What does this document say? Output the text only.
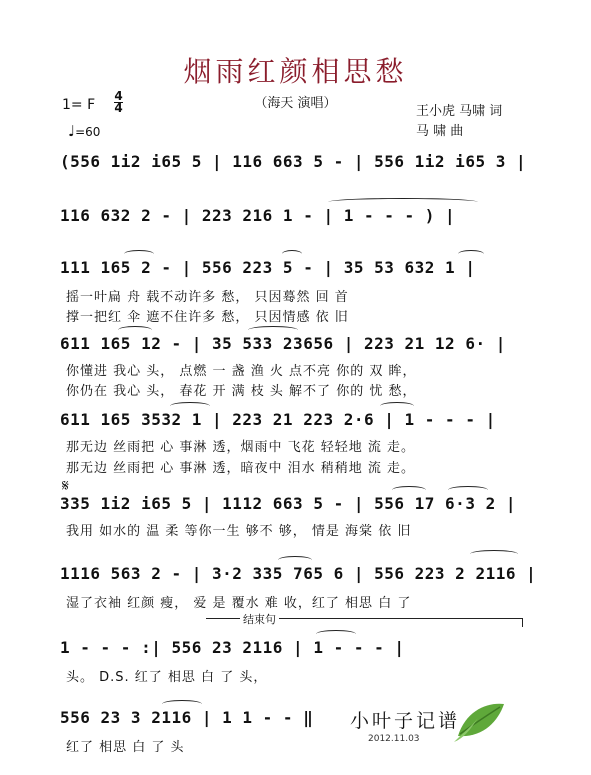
烟雨红颜相思愁
（海天 演唱）
1= F
4
4
♩=60
王小虎 马啸 词
马 啸 曲
(556 1i2 i65 5 | 116 663 5 - | 556 1i2 i65 3 |
116 632 2 - | 223 216 1 - | 1 - - - ) |
111 165 2 - | 556 223 5 - | 35 53 632 1 |
摇一叶扁 舟 载不动许多 愁， 只因蓦然 回 首
撑一把红 伞 遮不住许多 愁， 只因情感 依 旧
611 165 12 - | 35 533 23656 | 223 21 12 6· |
你懂进 我心 头， 点燃 一 盏 渔 火 点不亮 你的 双 眸，
你仍在 我心 头， 春花 开 满 枝 头 解不了 你的 忧 愁，
611 165 3532 1 | 223 21 223 2·6 | 1 - - - |
那无边 丝雨把 心 事淋 透，烟雨中 飞花 轻轻地 流 走。
那无边 丝雨把 心 事淋 透，暗夜中 泪水 稍稍地 流 走。
𝄋
335 1i2 i65 5 | 1112 663 5 - | 556 17 6·3 2 |
我用 如水的 温 柔 等你一生 够不 够， 情是 海棠 依 旧
1116 563 2 - | 3·2 335 765 6 | 556 223 2 2116 |
湿了衣袖 红颜 瘦， 爱 是 覆水 难 收，红了 相思 白 了
结束句
1 - - - :| 556 23 2116 | 1 - - - |
头。 D.S. 红了 相思 白 了 头，
556 23 3 2116 | 1 1 - - ‖
红了 相思 白 了 头
小叶子记谱
2012.11.03
